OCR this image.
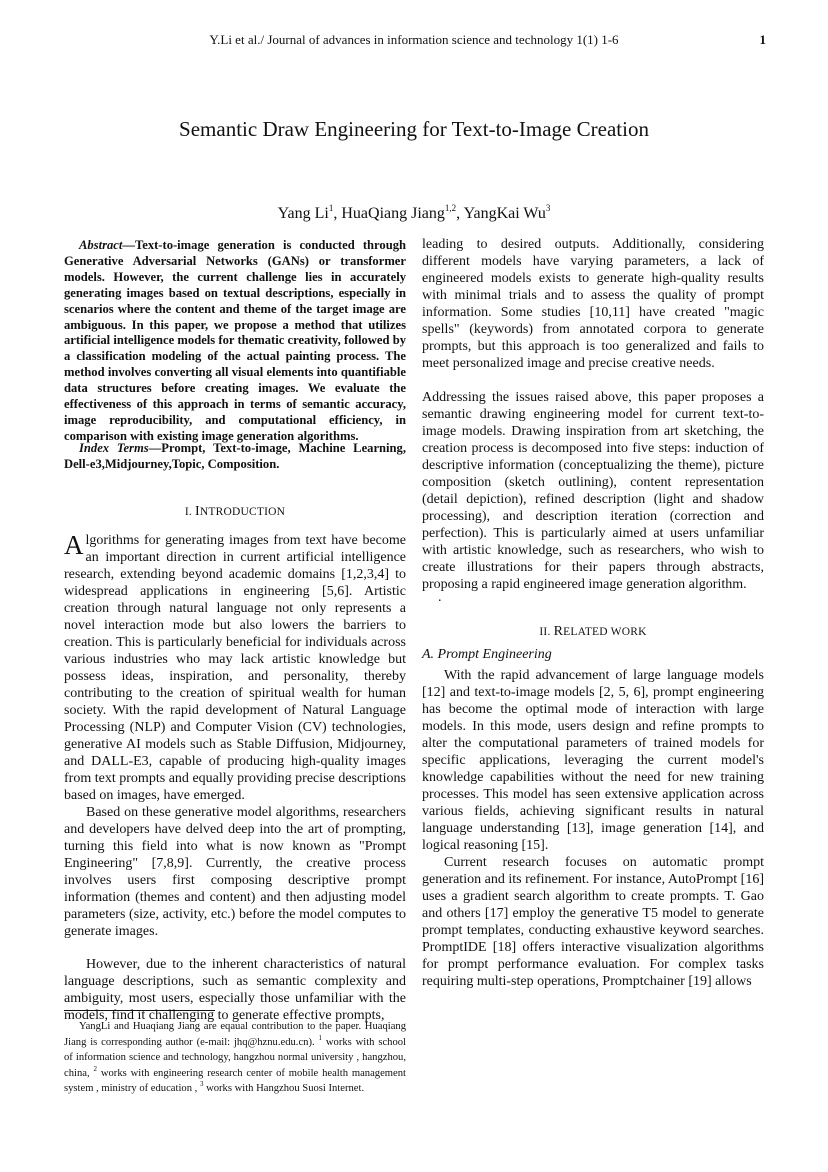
Y.Li et al./ Journal of advances in information science and technology 1(1) 1-6	1
Semantic Draw Engineering for Text-to-Image Creation
Yang Li$^1$, HuaQiang Jiang$^{1,2}$, YangKai Wu$^3$
Abstract—Text-to-image generation is conducted through Generative Adversarial Networks (GANs) or transformer models. However, the current challenge lies in accurately generating images based on textual descriptions, especially in scenarios where the content and theme of the target image are ambiguous. In this paper, we propose a method that utilizes artificial intelligence models for thematic creativity, followed by a classification modeling of the actual painting process. The method involves converting all visual elements into quantifiable data structures before creating images. We evaluate the effectiveness of this approach in terms of semantic accuracy, image reproducibility, and computational efficiency, in comparison with existing image generation algorithms.
Index Terms—Prompt, Text-to-image, Machine Learning, Dell-e3,Midjourney,Topic, Composition.
I. INTRODUCTION

Algorithms for generating images from text have become an important direction in current artificial intelligence research, extending beyond academic domains [1,2,3,4] to widespread applications in engineering [5,6]. Artistic creation through natural language not only represents a novel interaction mode but also lowers the barriers to creation. This is particularly beneficial for individuals across various industries who may lack artistic knowledge but possess ideas, inspiration, and personality, thereby contributing to the creation of spiritual wealth for human society. With the rapid development of Natural Language Processing (NLP) and Computer Vision (CV) technologies, generative AI models such as Stable Diffusion, Midjourney, and DALL-E3, capable of producing high-quality images from text prompts and equally providing precise descriptions based on images, have emerged.

Based on these generative model algorithms, researchers and developers have delved deep into the art of prompting, turning this field into what is now known as "Prompt Engineering" [7,8,9]. Currently, the creative process involves users first composing descriptive prompt information (themes and content) and then adjusting model parameters (size, activity, etc.) before the model computes to generate images.

However, due to the inherent characteristics of natural language descriptions, such as semantic complexity and ambiguity, most users, especially those unfamiliar with the models, find it challenging to generate effective prompts,

YangLi and Huaqiang Jiang are eqaual contribution to the paper. Huaqiang Jiang is corresponding author (e-mail: jhq@hznu.edu.cn). $^1$ works with school of information science and technology, hangzhou normal university , hangzhou, china, $^2$ works with engineering research center of mobile health management system , ministry of education , $^3$ works with Hangzhou Suosi Internet.

leading to desired outputs. Additionally, considering different models have varying parameters, a lack of engineered models exists to generate high-quality results with minimal trials and to assess the quality of prompt information. Some studies [10,11] have created "magic spells" (keywords) from annotated corpora to generate prompts, but this approach is too generalized and fails to meet personalized image and precise creative needs.

Addressing the issues raised above, this paper proposes a semantic drawing engineering model for current text-to-image models. Drawing inspiration from art sketching, the creation process is decomposed into five steps: induction of descriptive information (conceptualizing the theme), picture composition (sketch outlining), content representation (detail depiction), refined description (light and shadow processing), and description iteration (correction and perfection). This is particularly aimed at users unfamiliar with artistic knowledge, such as researchers, who wish to create illustrations for their papers through abstracts, proposing a rapid engineered image generation algorithm.

.
II. RELATED WORK
A. Prompt Engineering

With the rapid advancement of large language models [12] and text-to-image models [2, 5, 6], prompt engineering has become the optimal mode of interaction with large models. In this mode, users design and refine prompts to alter the computational parameters of trained models for specific applications, leveraging the current model's knowledge capabilities without the need for new training processes. This model has seen extensive application across various fields, achieving significant results in natural language understanding [13], image generation [14], and logical reasoning [15].

Current research focuses on automatic prompt generation and its refinement. For instance, AutoPrompt [16] uses a gradient search algorithm to create prompts. T. Gao and others [17] employ the generative T5 model to generate prompt templates, conducting exhaustive keyword searches. PromptIDE [18] offers interactive visualization algorithms for prompt performance evaluation. For complex tasks requiring multi-step operations, Promptchainer [19] allows
